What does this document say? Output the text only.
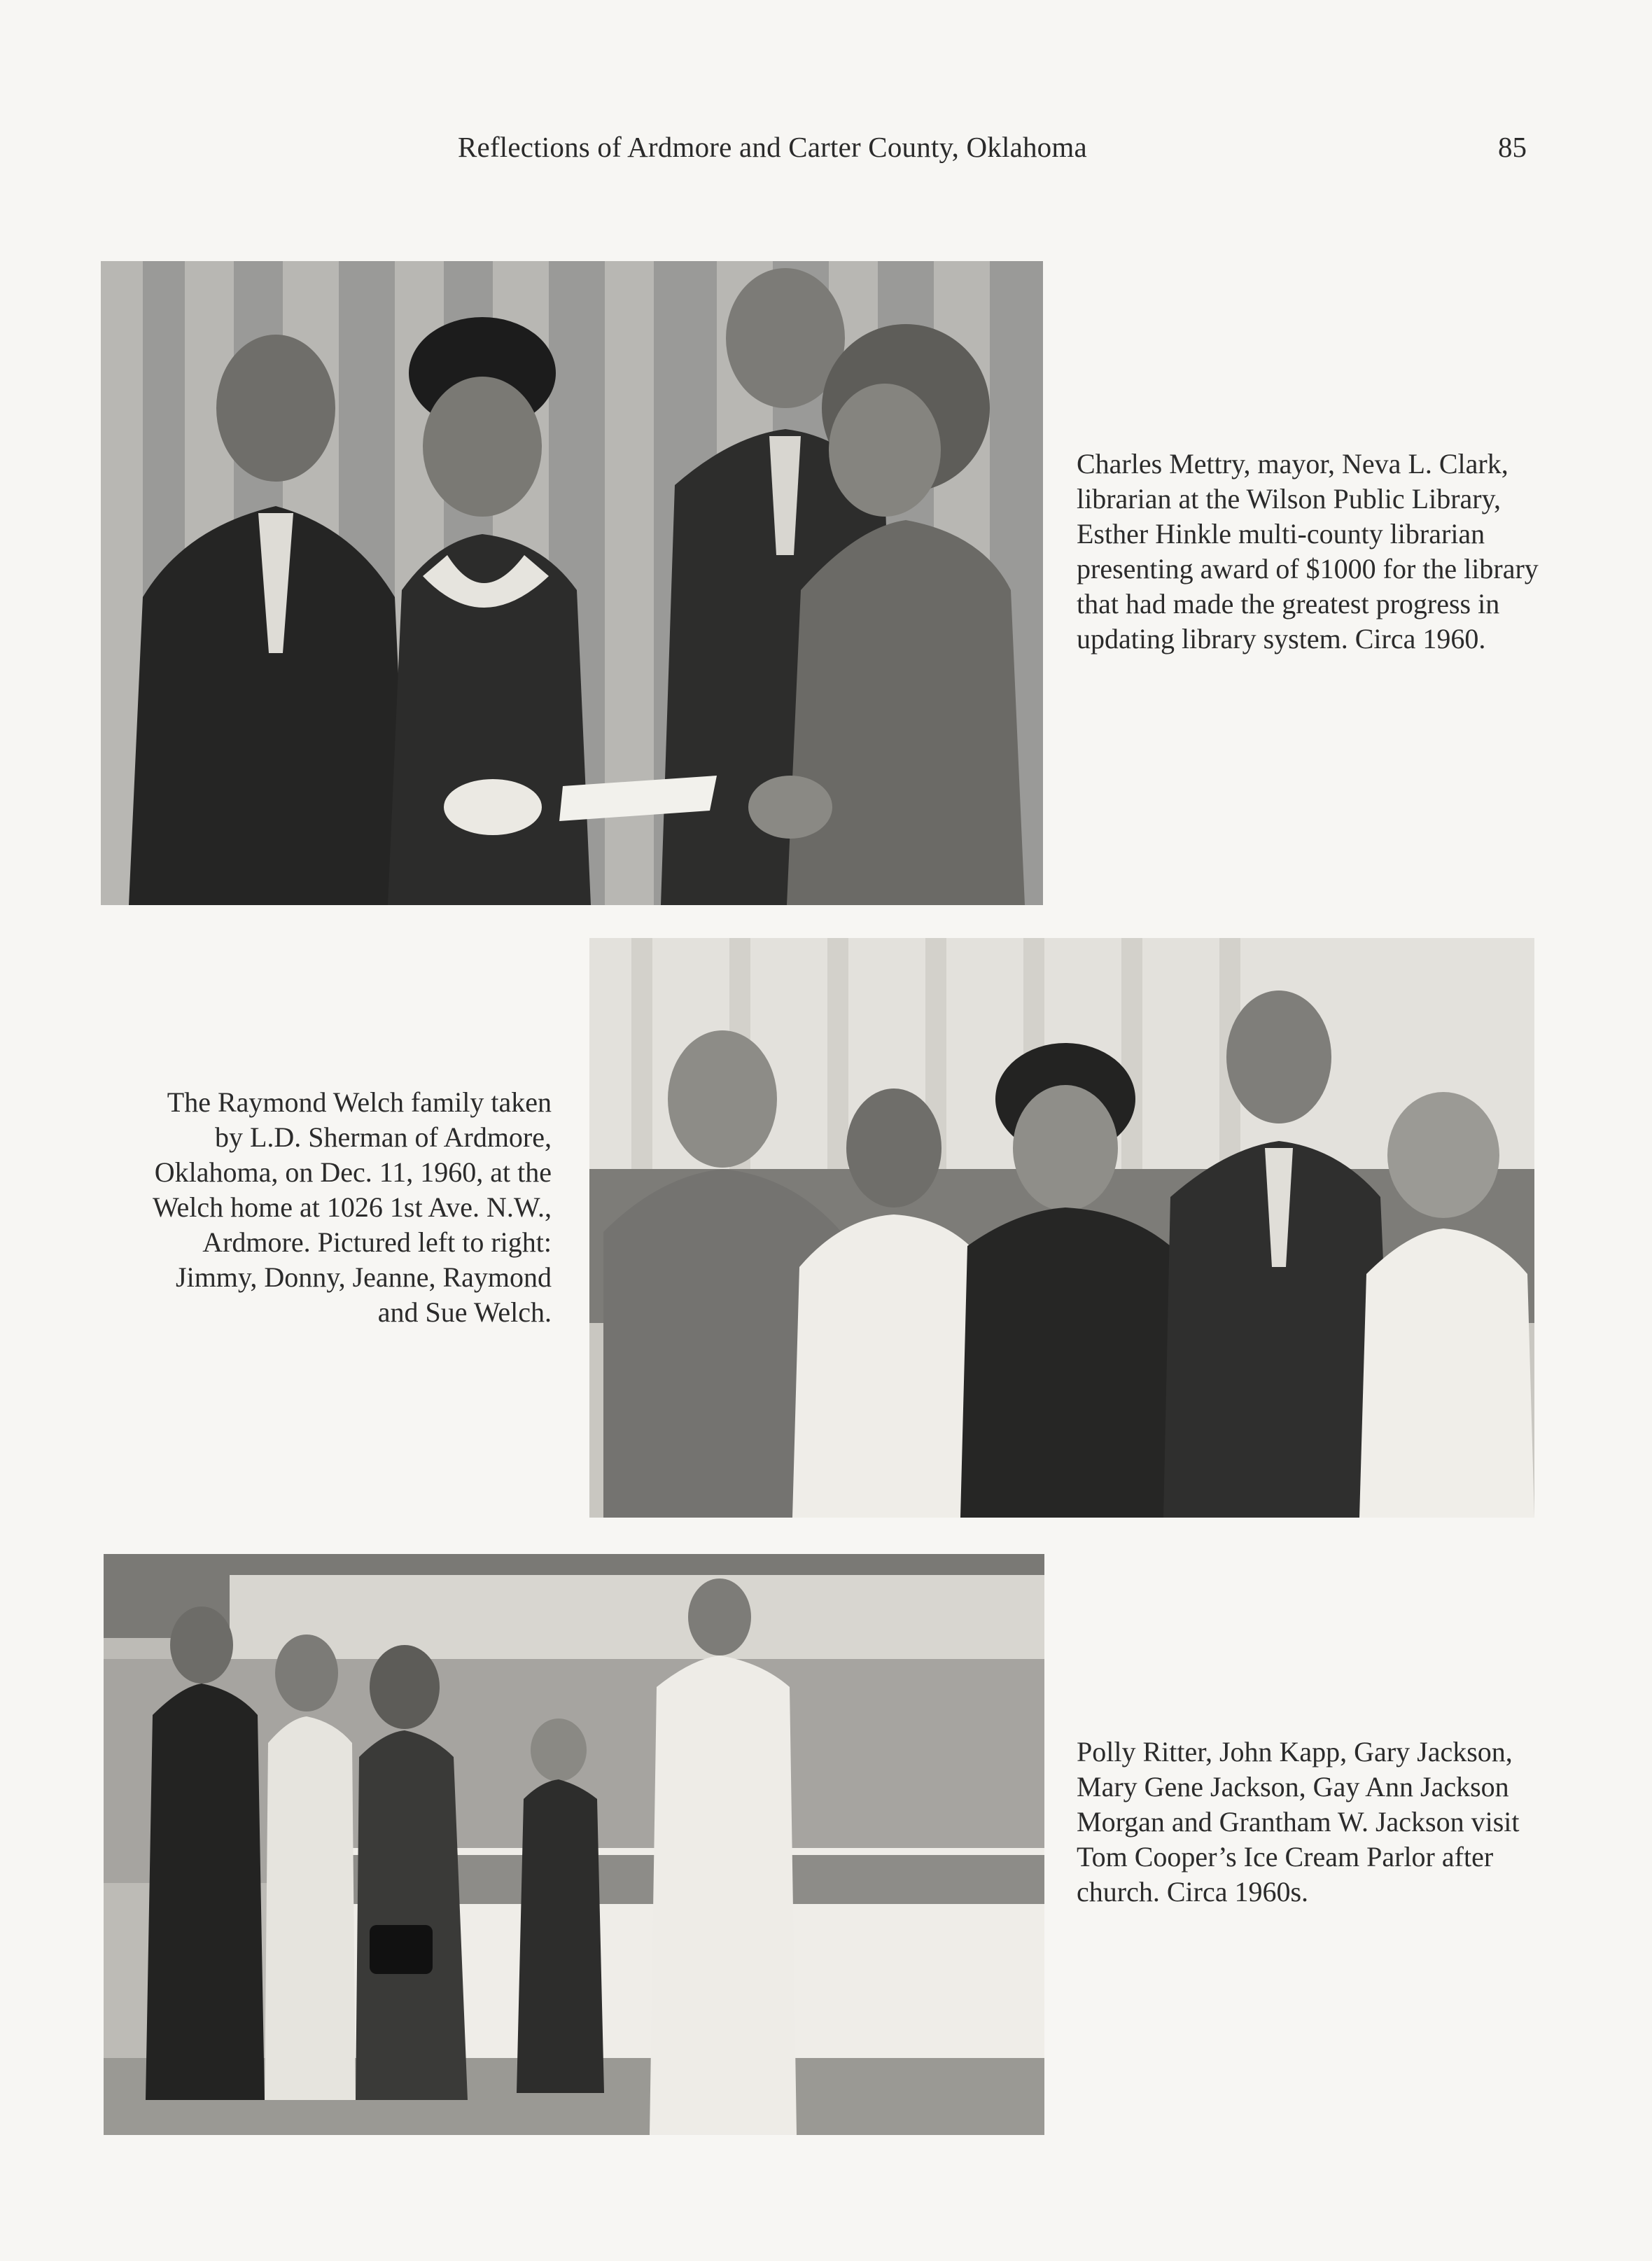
Reflections of Ardmore and Carter County, Oklahoma	85
Charles Mettry, mayor, Neva L. Clark, librarian at the Wilson Public Library, Esther Hinkle multi-county librarian presenting award of $1000 for the library that had made the greatest progress in updating library system. Circa 1960.
The Raymond Welch family taken by L.D. Sherman of Ardmore, Oklahoma, on Dec. 11, 1960, at the Welch home at 1026 1st Ave. N.W., Ardmore. Pictured left to right: Jimmy, Donny, Jeanne, Raymond and Sue Welch.
Polly Ritter, John Kapp, Gary Jackson, Mary Gene Jackson, Gay Ann Jackson Morgan and Grantham W. Jackson visit Tom Cooper’s Ice Cream Parlor after church. Circa 1960s.
